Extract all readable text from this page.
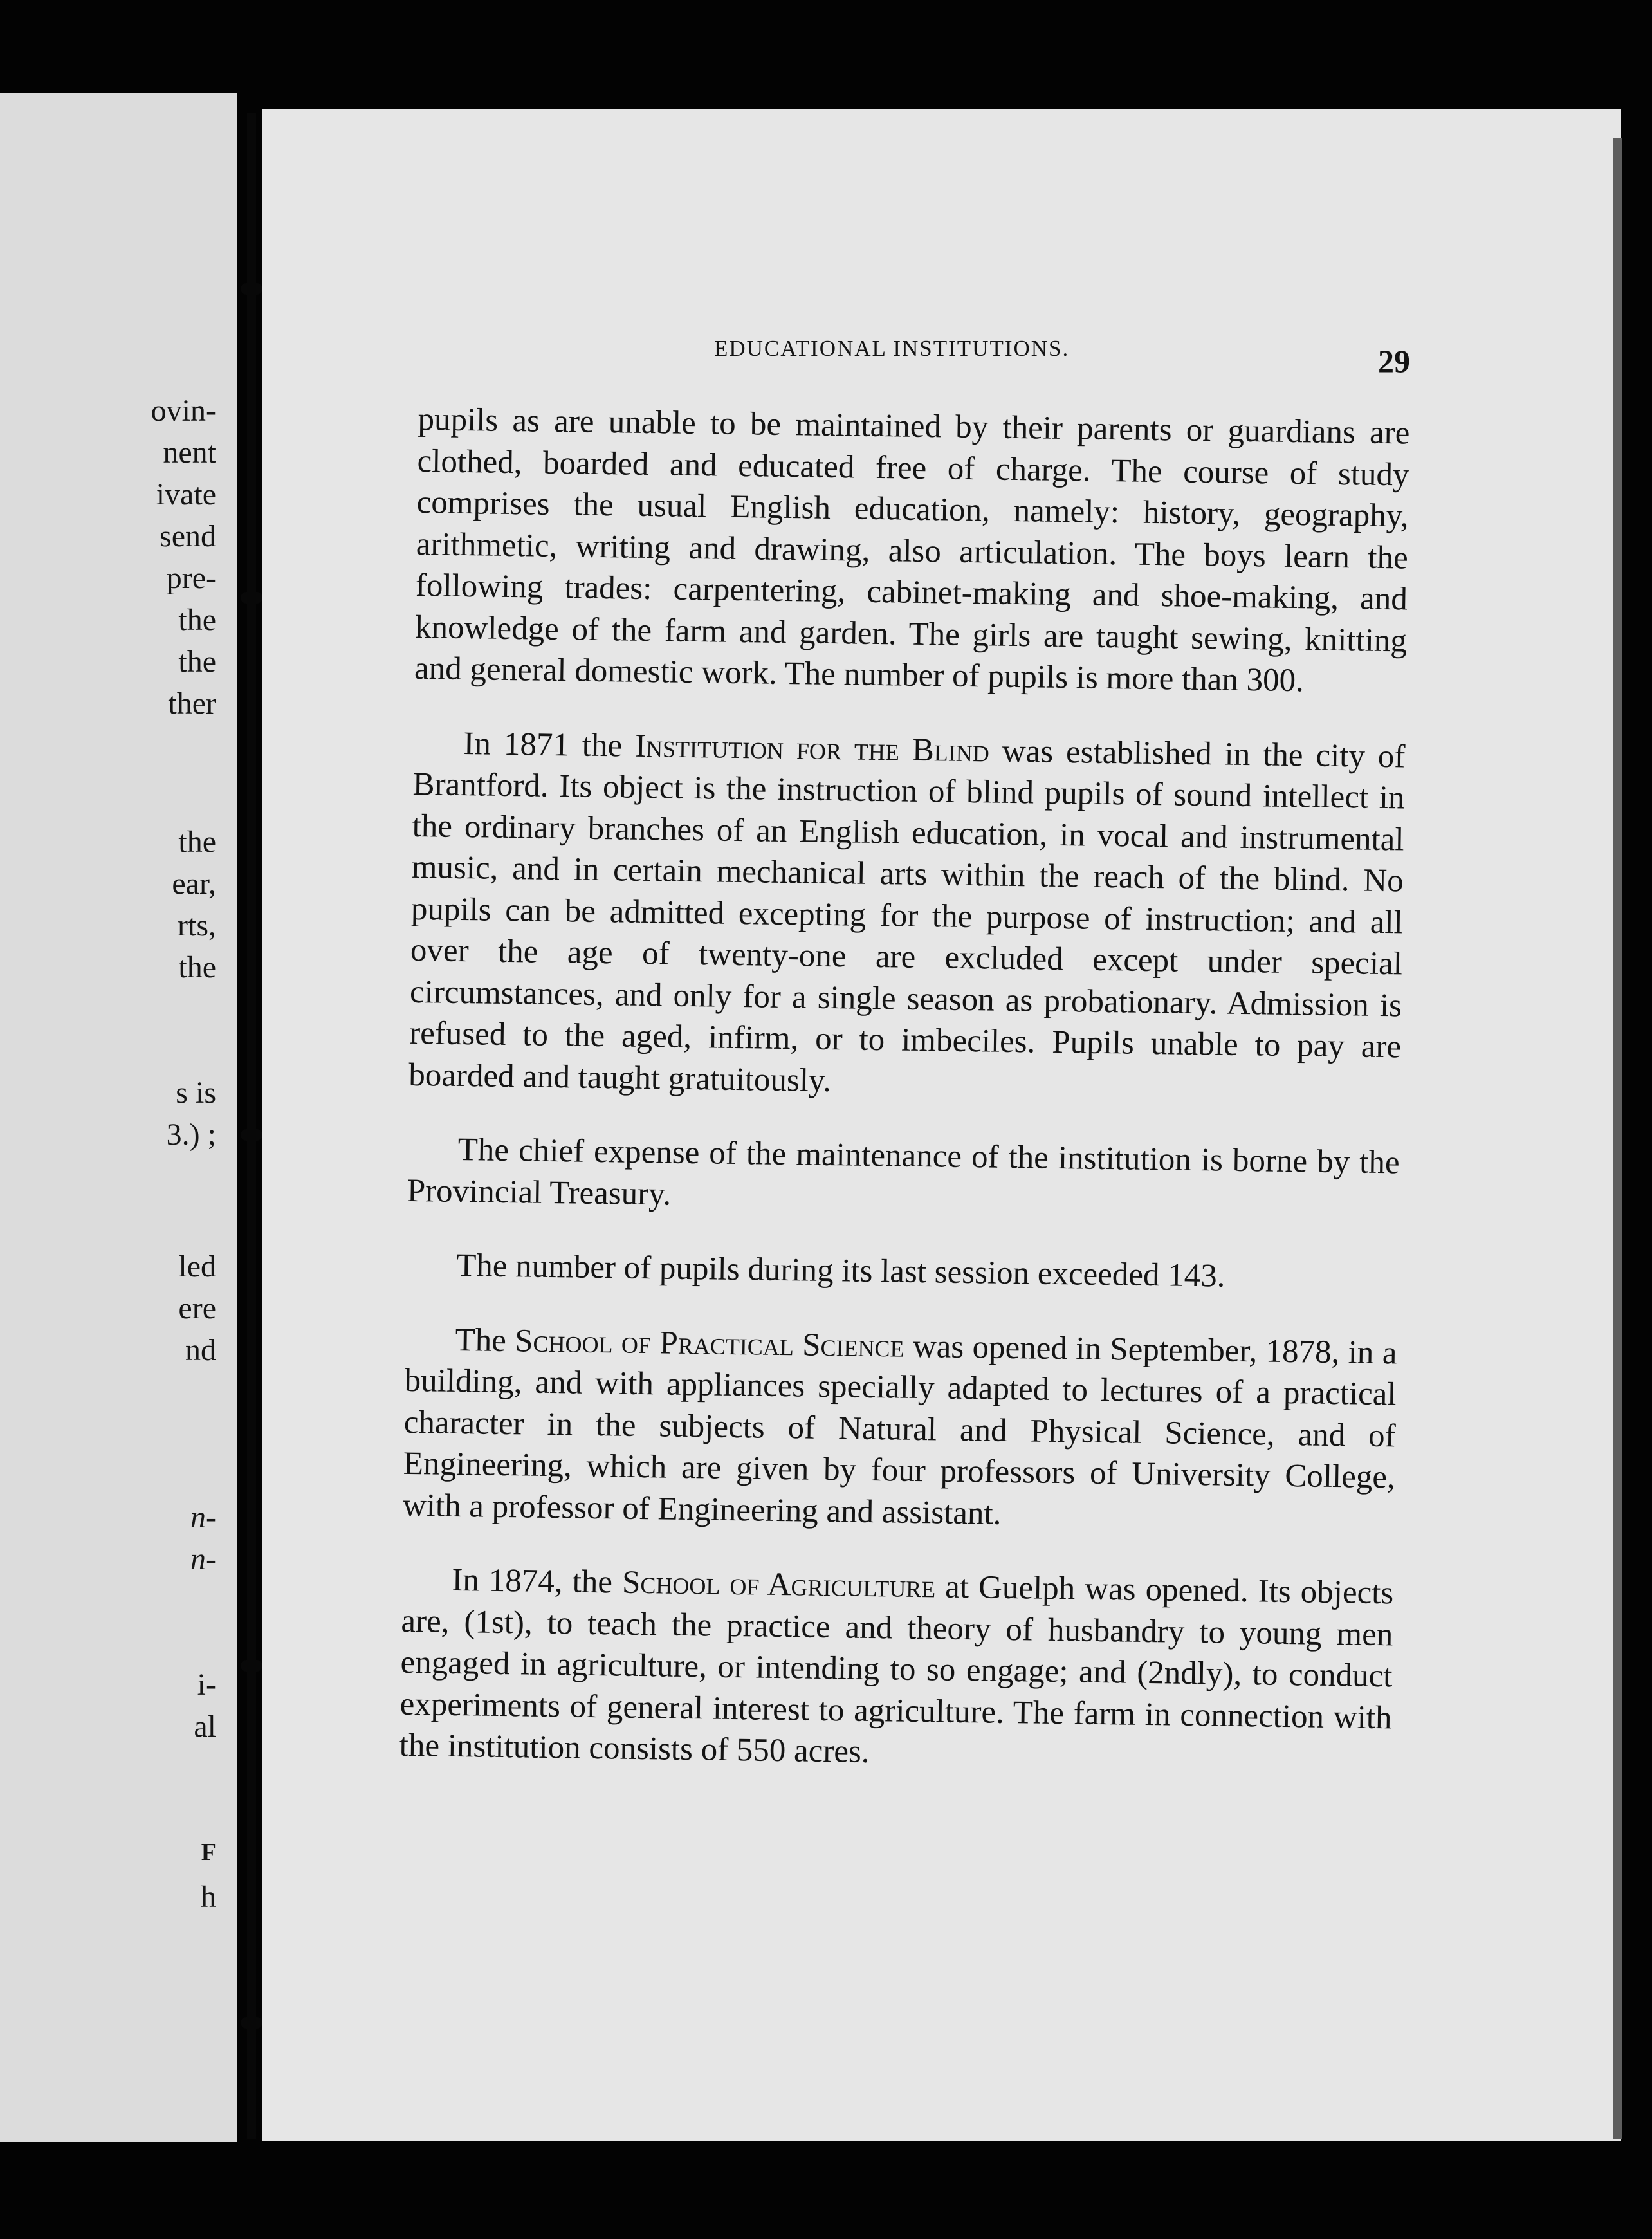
ovin-
nent
ivate
send
pre-
the
the
ther
the
ear,
rts,
the
s is
3.) ;
led
ere
nd
n-
n-
i-
al
F
h
EDUCATIONAL INSTITUTIONS.	29

pupils as are unable to be maintained by their parents or guardians are clothed, boarded and educated free of charge. The course of study comprises the usual English education, namely: history, geography, arithmetic, writing and drawing, also articulation. The boys learn the following trades: carpentering, cabinet-making and shoe-making, and knowledge of the farm and garden. The girls are taught sewing, knitting and general domestic work. The number of pupils is more than 300.

In 1871 the Institution for the Blind was established in the city of Brantford. Its object is the instruction of blind pupils of sound intellect in the ordinary branches of an English education, in vocal and instrumental music, and in certain mechanical arts within the reach of the blind. No pupils can be admitted excepting for the purpose of instruction; and all over the age of twenty-one are excluded except under special circumstances, and only for a single season as probationary. Admission is refused to the aged, infirm, or to imbeciles. Pupils unable to pay are boarded and taught gratuitously.

The chief expense of the maintenance of the institution is borne by the Provincial Treasury.

The number of pupils during its last session exceeded 143.

The School of Practical Science was opened in September, 1878, in a building, and with appliances specially adapted to lectures of a practical character in the subjects of Natural and Physical Science, and of Engineering, which are given by four professors of University College, with a professor of Engineering and assistant.

In 1874, the School of Agriculture at Guelph was opened. Its objects are, (1st), to teach the practice and theory of husbandry to young men engaged in agriculture, or intending to so engage; and (2ndly), to conduct experiments of general interest to agriculture. The farm in connection with the institution consists of 550 acres.
